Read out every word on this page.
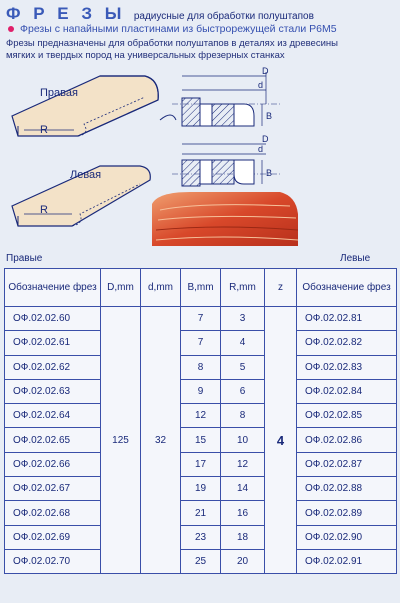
Ф Р Е З Ы радиусные для обработки полуштапов
Фрезы с напайными пластинами из быстрорежущей стали Р6М5
Фрезы предназначены для обработки полуштапов в деталях из древесины
мягких и твердых пород на универсальных фрезерных станках
Правая
Левая
R
R
D
d
B
D
d
B
Правые	Левые
Обозначение фрез	D,mm	d,mm	B,mm	R,mm	z	Обозначение фрез
ОФ.02.02.60	125	32	7	3	4	ОФ.02.02.81
ОФ.02.02.61			7	4		ОФ.02.02.82
ОФ.02.02.62			8	5		ОФ.02.02.83
ОФ.02.02.63			9	6		ОФ.02.02.84
ОФ.02.02.64			12	8		ОФ.02.02.85
ОФ.02.02.65			15	10		ОФ.02.02.86
ОФ.02.02.66			17	12		ОФ.02.02.87
ОФ.02.02.67			19	14		ОФ.02.02.88
ОФ.02.02.68			21	16		ОФ.02.02.89
ОФ.02.02.69			23	18		ОФ.02.02.90
ОФ.02.02.70			25	20		ОФ.02.02.91
